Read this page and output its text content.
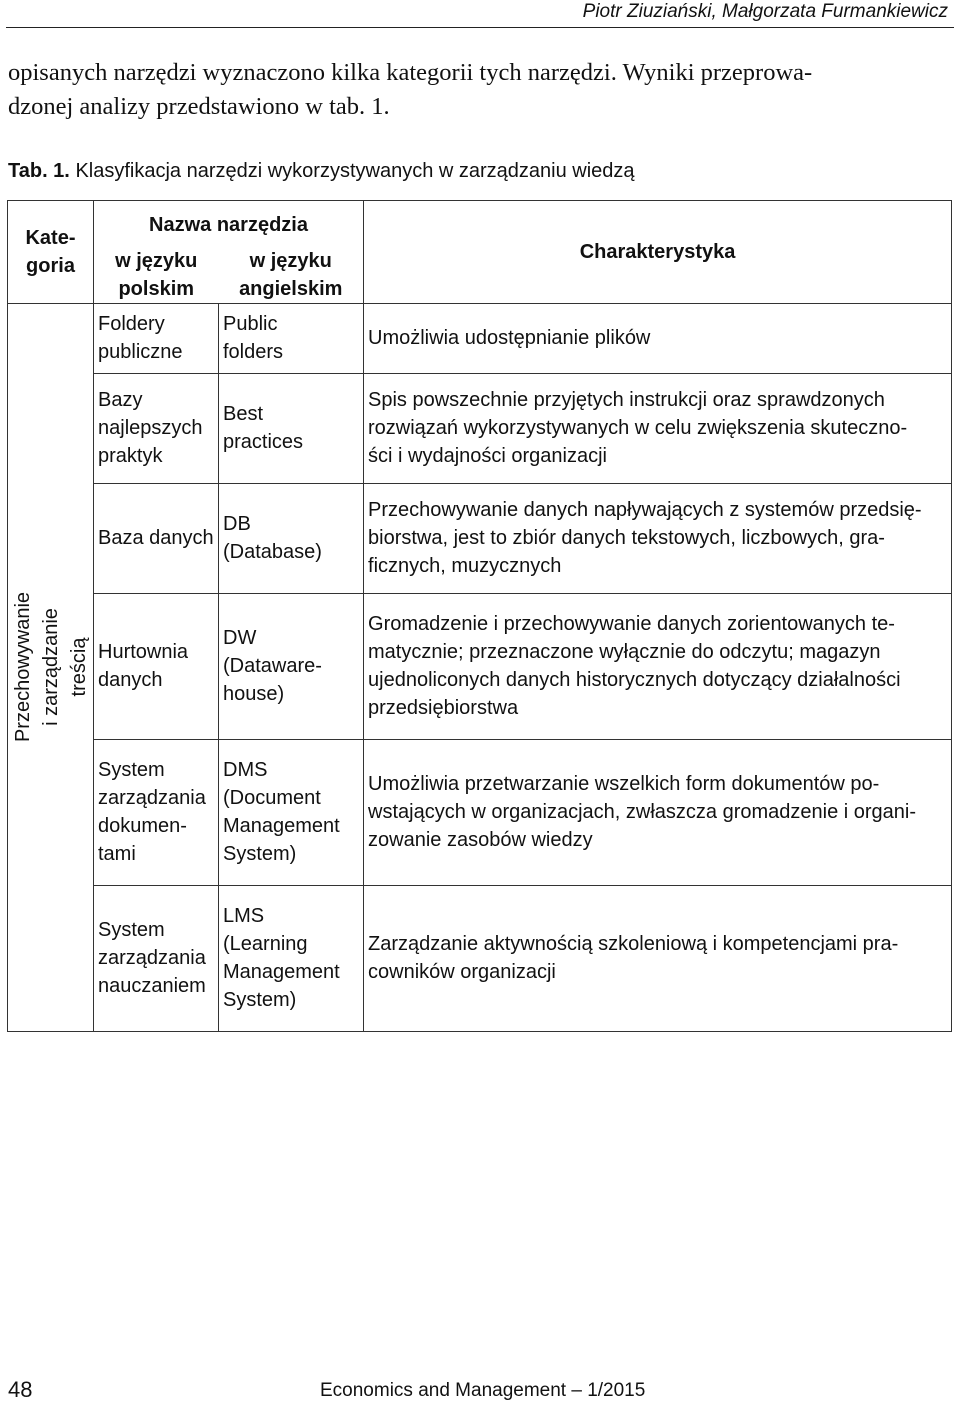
Piotr Ziuziański, Małgorzata Furmankiewicz
opisanych narzędzi wyznaczono kilka kategorii tych narzędzi. Wyniki przeprowa-
dzonej analizy przedstawiono w tab. 1.
Tab. 1. Klasyfikacja narzędzi wykorzystywanych w zarządzaniu wiedzą
Kate-
goria	Nazwa narzędzia		Charakterystyka

	w języku
polskim	w języku
angielskim	

Przechowywanie
i zarządzanie treścią	Foldery
publiczne	Public
folders	Umożliwia udostępnianie plików
	Bazy
najlepszych
praktyk	Best
practices	Spis powszechnie przyjętych instrukcji oraz sprawdzonych
rozwiązań wykorzystywanych w celu zwiększenia skuteczno-
ści i wydajności organizacji
	Baza danych	DB
(Database)	Przechowywanie danych napływających z systemów przedsię-
biorstwa, jest to zbiór danych tekstowych, liczbowych, gra-
ficznych, muzycznych
	Hurtownia
danych	DW
(Dataware-
house)	Gromadzenie i przechowywanie danych zorientowanych te-
matycznie; przeznaczone wyłącznie do odczytu; magazyn
ujednoliconych danych historycznych dotyczący działalności
przedsiębiorstwa
	System
zarządzania
dokumen-
tami	DMS
(Document
Management
System)	Umożliwia przetwarzanie wszelkich form dokumentów po-
wstających w organizacjach, zwłaszcza gromadzenie i organi-
zowanie zasobów wiedzy
	System
zarządzania
nauczaniem	LMS
(Learning
Management
System)	Zarządzanie aktywnością szkoleniową i kompetencjami pra-
cowników organizacji
48	Economics and Management – 1/2015
